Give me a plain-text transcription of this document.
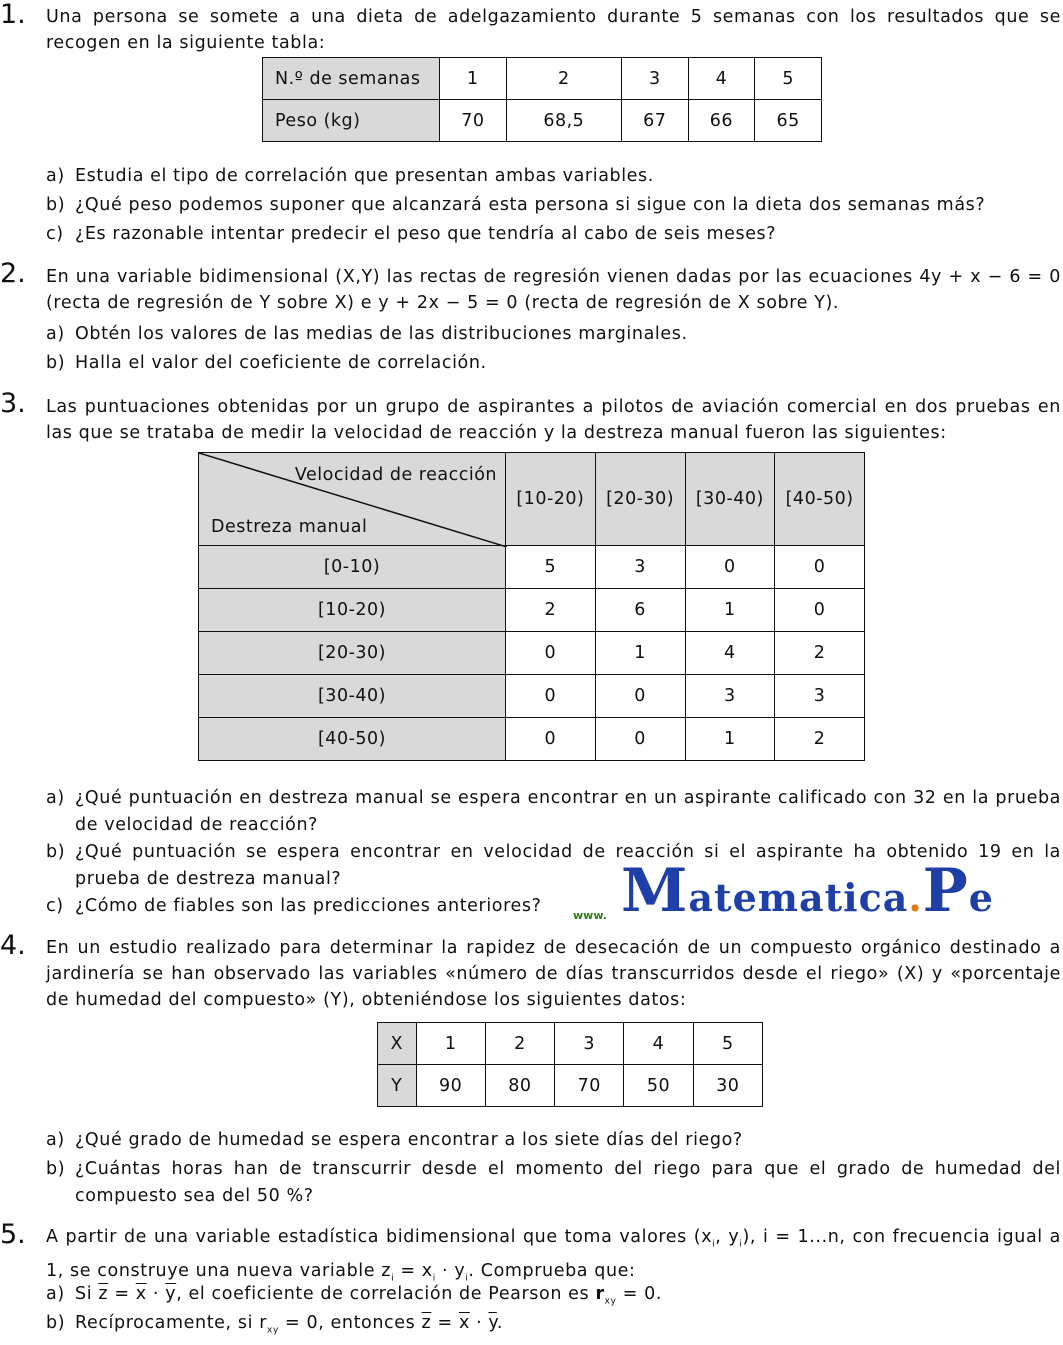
1. Una persona se somete a una dieta de adelgazamiento durante 5 semanas con los resultados que se recogen en la siguiente tabla:
N.º de semanas	1	2	3	4	5
Peso (kg)	70	68,5	67	66	65
a) Estudia el tipo de correlación que presentan ambas variables.
b) ¿Qué peso podemos suponer que alcanzará esta persona si sigue con la dieta dos semanas más?
c) ¿Es razonable intentar predecir el peso que tendría al cabo de seis meses?
2. En una variable bidimensional (X,Y) las rectas de regresión vienen dadas por las ecuaciones 4y + x − 6 = 0 (recta de regresión de Y sobre X) e y + 2x − 5 = 0 (recta de regresión de X sobre Y).
a) Obtén los valores de las medias de las distribuciones marginales.
b) Halla el valor del coeficiente de correlación.
3. Las puntuaciones obtenidas por un grupo de aspirantes a pilotos de aviación comercial en dos pruebas en las que se trataba de medir la velocidad de reacción y la destreza manual fueron las siguientes:
Velocidad de reacción
Destreza manual	[10-20)	[20-30)	[30-40)	[40-50)
[0-10)	5	3	0	0
[10-20)	2	6	1	0
[20-30)	0	1	4	2
[30-40)	0	0	3	3
[40-50)	0	0	1	2
a) ¿Qué puntuación en destreza manual se espera encontrar en un aspirante calificado con 32 en la prueba de velocidad de reacción?
b) ¿Qué puntuación se espera encontrar en velocidad de reacción si el aspirante ha obtenido 19 en la prueba de destreza manual?
c) ¿Cómo de fiables son las predicciones anteriores?	www. Matematica.Pe
4. En un estudio realizado para determinar la rapidez de desecación de un compuesto orgánico destinado a jardinería se han observado las variables «número de días transcurridos desde el riego» (X) y «porcentaje de humedad del compuesto» (Y), obteniéndose los siguientes datos:
X	1	2	3	4	5
Y	90	80	70	50	30
a) ¿Qué grado de humedad se espera encontrar a los siete días del riego?
b) ¿Cuántas horas han de transcurrir desde el momento del riego para que el grado de humedad del compuesto sea del 50 %?
5. A partir de una variable estadística bidimensional que toma valores ($x_i$, $y_i$), i = 1...n, con frecuencia igual a 1, se construye una nueva variable $z_i = x_i \cdot y_i$. Comprueba que:
a) Si $\overline{z} = \overline{x} \cdot \overline{y}$, el coeficiente de correlación de Pearson es $r_{xy} = 0$.
b) Recíprocamente, si $r_{xy} = 0$, entonces $\overline{z} = \overline{x} \cdot \overline{y}$.
